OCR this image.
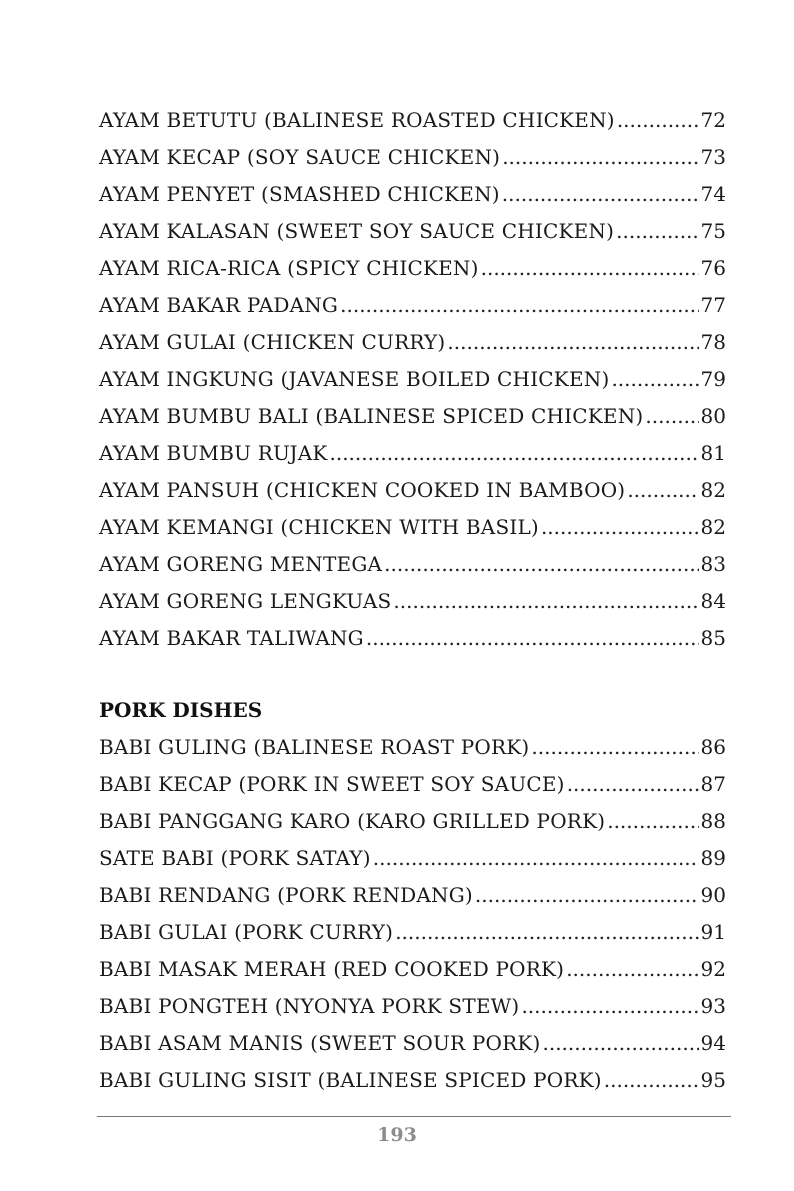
AYAM BETUTU (BALINESE ROASTED CHICKEN) .....	72
AYAM KECAP (SOY SAUCE CHICKEN) .....	73
AYAM PENYET (SMASHED CHICKEN) .....	74
AYAM KALASAN (SWEET SOY SAUCE CHICKEN) .....	75
AYAM RICA-RICA (SPICY CHICKEN) .....	76
AYAM BAKAR PADANG .....	77
AYAM GULAI (CHICKEN CURRY) .....	78
AYAM INGKUNG (JAVANESE BOILED CHICKEN) .....	79
AYAM BUMBU BALI (BALINESE SPICED CHICKEN) .....	80
AYAM BUMBU RUJAK .....	81
AYAM PANSUH (CHICKEN COOKED IN BAMBOO) .....	82
AYAM KEMANGI (CHICKEN WITH BASIL) .....	82
AYAM GORENG MENTEGA .....	83
AYAM GORENG LENGKUAS .....	84
AYAM BAKAR TALIWANG .....	85
PORK DISHES
BABI GULING (BALINESE ROAST PORK) .....	86
BABI KECAP (PORK IN SWEET SOY SAUCE) .....	87
BABI PANGGANG KARO (KARO GRILLED PORK) .....	88
SATE BABI (PORK SATAY) .....	89
BABI RENDANG (PORK RENDANG) .....	90
BABI GULAI (PORK CURRY) .....	91
BABI MASAK MERAH (RED COOKED PORK) .....	92
BABI PONGTEH (NYONYA PORK STEW) .....	93
BABI ASAM MANIS (SWEET SOUR PORK) .....	94
BABI GULING SISIT (BALINESE SPICED PORK) .....	95
193
